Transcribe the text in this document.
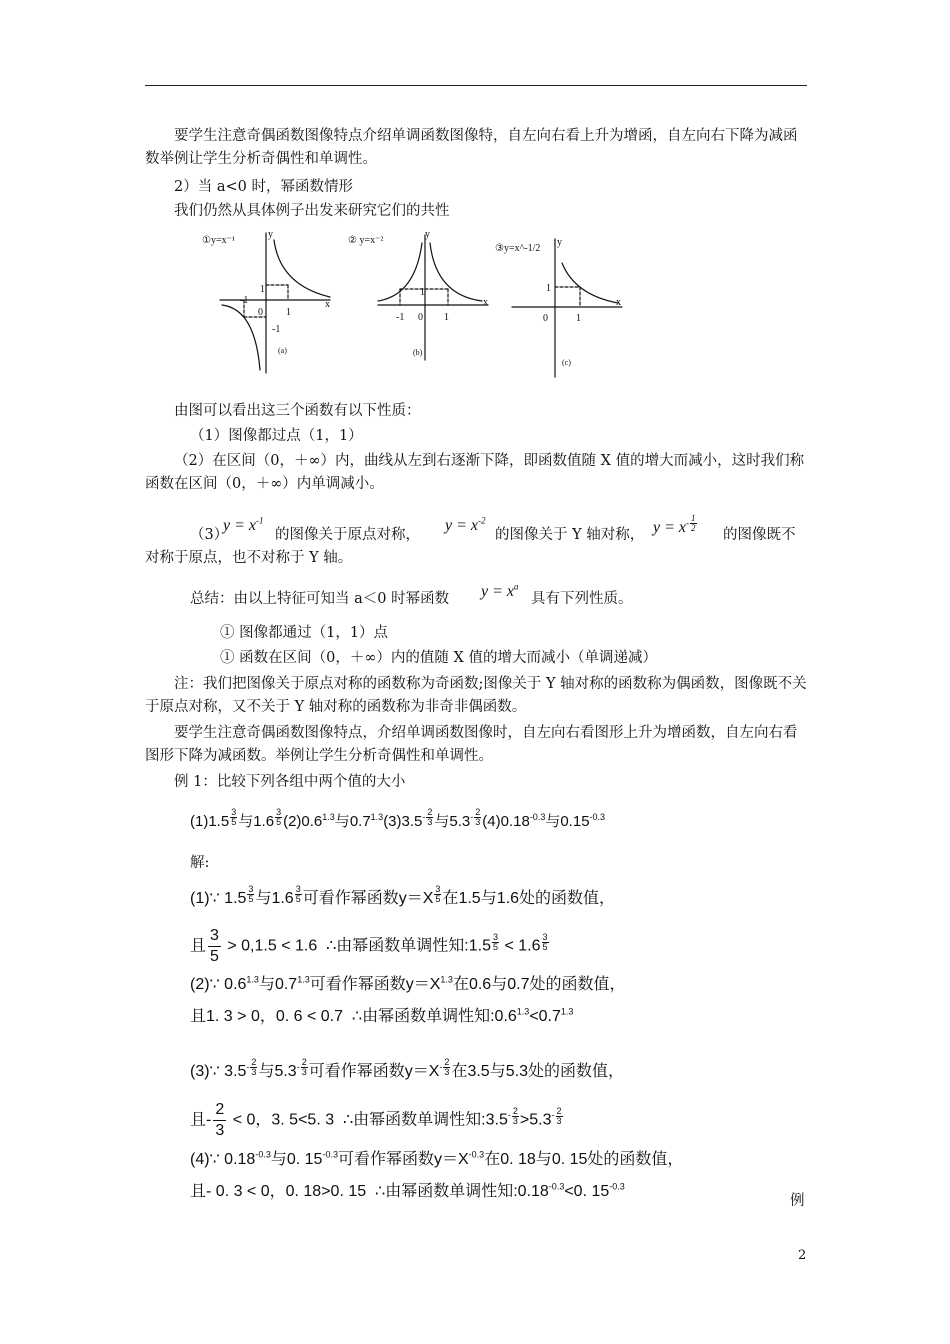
要学生注意奇偶函数图像特点介绍单调函数图像特，自左向右看上升为增函，自左向右下降为减函数举例让学生分析奇偶性和单调性。
2）当 a<0 时，幂函数情形
我们仍然从具体例子出发来研究它们的共性
①y=x⁻¹	② y=x⁻²
③y=x^-1/2
y
x
y
x
y
x
-1
0 1
1
-1
-1 0 1
1
0	1
1
(a)	(b)
(c)
由图可以看出这三个函数有以下性质：
（1）图像都过点（1，1）
（2）在区间（0，＋∞）内，曲线从左到右逐渐下降，即函数值随 X 值的增大而减小，这时我们称函数在区间（0，＋∞）内单调减小。
（3）
$y = x^{-1}$
的图像关于原点对称，
$y = x^{-2}$
的图像关于 Y 轴对称， $y = x^{- \frac{1}{2}}$
的图像既不
对称于原点，也不对称于 Y 轴。
总结：由以上特征可知当 a＜0 时幂函数 $y = x^a$
具有下列性质。
① 图像都通过（1，1）点
① 函数在区间（0，＋∞）内的值随 X 值的增大而减小（单调递减）
注：我们把图像关于原点对称的函数称为奇函数;图像关于 Y 轴对称的函数称为偶函数，图像既不关于原点对称，又不关于 Y 轴对称的函数称为非奇非偶函数。
要学生注意奇偶函数图像特点，介绍单调函数图像时，自左向右看图形上升为增函数，自左向右看图形下降为减函数。举例让学生分析奇偶性和单调性。
例 1：比较下列各组中两个值的大小
(1)1.5 $^{\frac{3}{5}}$ 与1.6 $^{\frac{3}{5}}$ $(2)0.6^{1.3}$与$0.7^{1.3}(3)3.5^{- \frac{2}{3}}$ 与$5.3^{- \frac{2}{3}}$ $(4)0.18^{-0.3}$与$0.15^{-0.3}$
解:
(1)∵ 1.5 $^{\frac{3}{5}}$ 与1.6 $^{\frac{3}{5}}$ 可看作幂函数y＝X $^{\frac{3}{5}}$ 在1.5与1.6处的函数值，
且 $\frac{3}{5} > 0,1.5 < 1.6$  ∴由幂函数单调性知:1.5 $^{\frac{3}{5}}$ < 1.6 $^{\frac{3}{5}}$
(2)∵ $0.6^{1.3}$与$0.7^{1.3}$可看作幂函数$y=X^{1.3}$在0.6与0.7处的函数值，
且1. 3 > 0，0. 6 < 0.7  ∴由幂函数单调性知$:0.6^{1.3}<0.7^{1.3}$
(3)∵ $3.5^{- \frac{2}{3}}$ 与$5.3^{- \frac{2}{3}}$ 可看作幂函数$y=X^{- \frac{2}{3}}$ 在3.5与5.3处的函数值，
且- $\frac{2}{3} < 0$，3. 5<5. 3  ∴由幂函数单调性知$:3.5^{- \frac{2}{3}} >5.3^{- \frac{2}{3}}$
(4)∵ $0.18^{-0.3}$与0. $15^{-0.3}$可看作幂函数$y=X^{-0.3}$在0. 18与0. 15处的函数值，
且- 0. 3 < 0，0. 18>0. 15  ∴由幂函数单调性知$:0.18^{-0.3}<0$. $15^{-0.3}$
例
2
